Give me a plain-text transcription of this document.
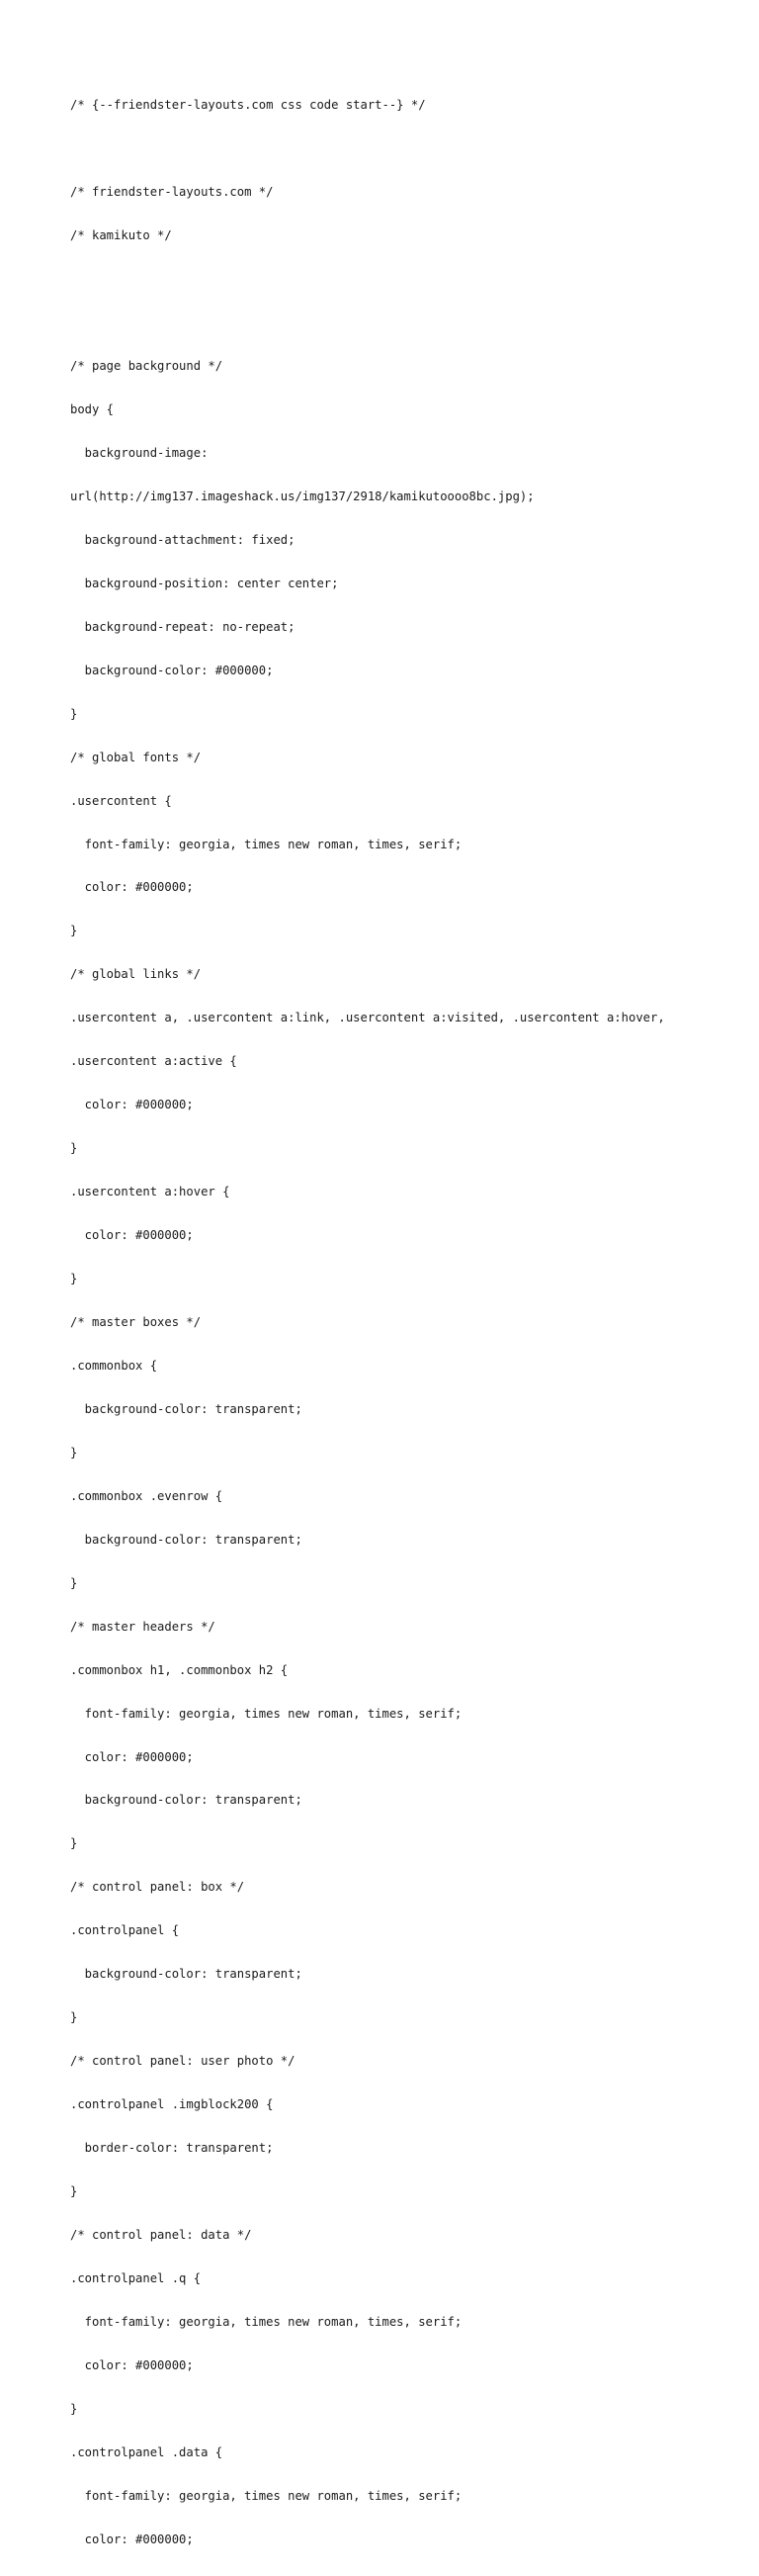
/* {--friendster-layouts.com css code start--} */

/* friendster-layouts.com */

/* kamikuto */

/* page background */

body {

background-image:

url(http://img137.imageshack.us/img137/2918/kamikutoooo8bc.jpg);

background-attachment: fixed;

background-position: center center;

background-repeat: no-repeat;

background-color: #000000;

}

/* global fonts */

.usercontent {

font-family: georgia, times new roman, times, serif;

color: #000000;

}

/* global links */

.usercontent a, .usercontent a:link, .usercontent a:visited, .usercontent a:hover,

.usercontent a:active {

color: #000000;

}

.usercontent a:hover {

color: #000000;

}

/* master boxes */

.commonbox {

background-color: transparent;

}

.commonbox .evenrow {

background-color: transparent;

}

/* master headers */

.commonbox h1, .commonbox h2 {

font-family: georgia, times new roman, times, serif;

color: #000000;

background-color: transparent;

}

/* control panel: box */

.controlpanel {

background-color: transparent;

}

/* control panel: user photo */

.controlpanel .imgblock200 {

border-color: transparent;

}

/* control panel: data */

.controlpanel .q {

font-family: georgia, times new roman, times, serif;

color: #000000;

}

.controlpanel .data {

font-family: georgia, times new roman, times, serif;

color: #000000;
